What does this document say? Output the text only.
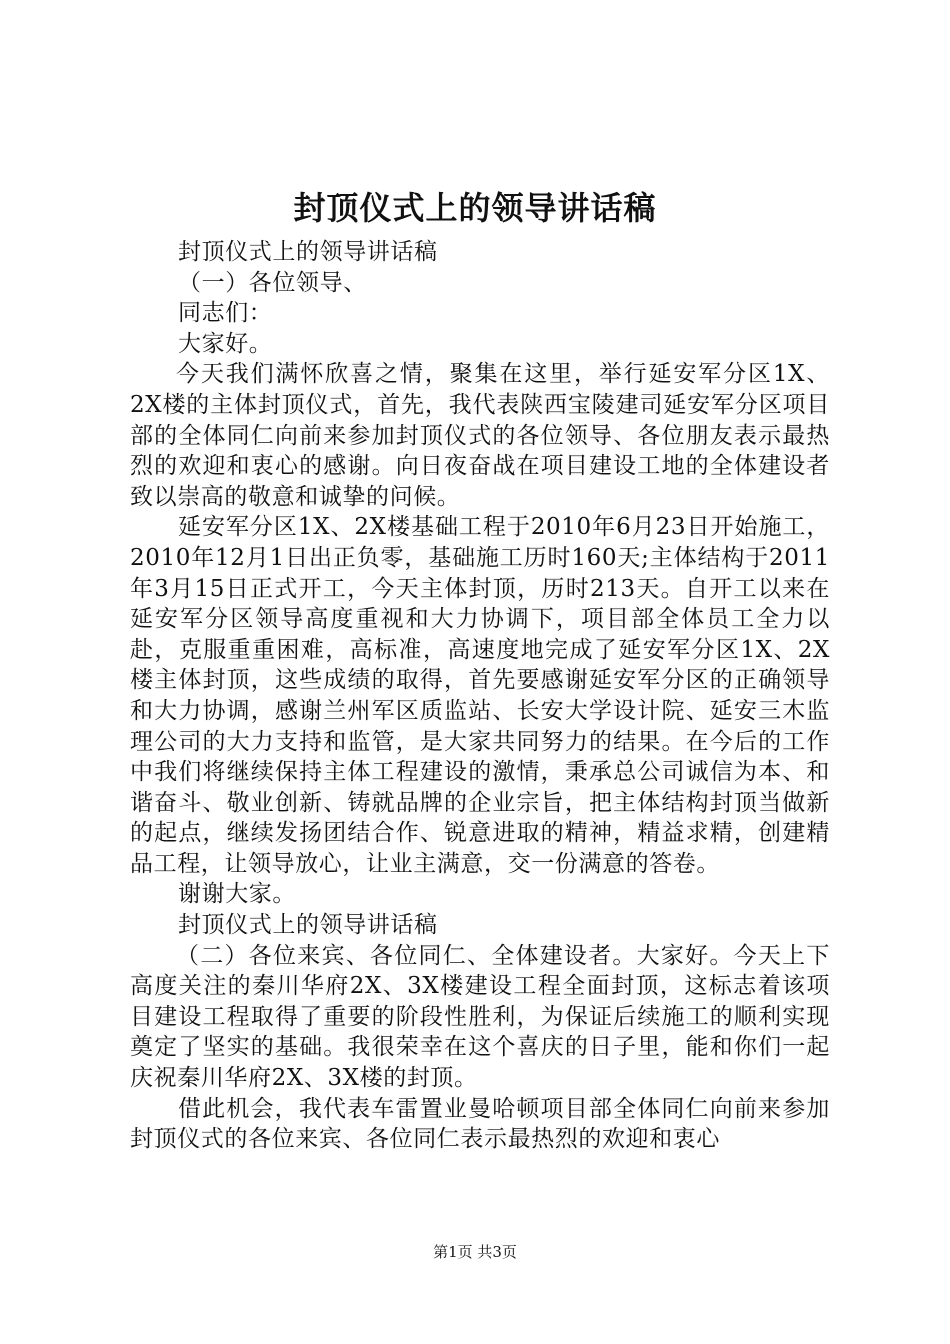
封顶仪式上的领导讲话稿

封顶仪式上的领导讲话稿

（一）各位领导、

同志们：

大家好。

今天我们满怀欣喜之情，聚集在这里，举行延安军分区1X、2X楼的主体封顶仪式，首先，我代表陕西宝陵建司延安军分区项目部的全体同仁向前来参加封顶仪式的各位领导、各位朋友表示最热烈的欢迎和衷心的感谢。向日夜奋战在项目建设工地的全体建设者致以崇高的敬意和诚挚的问候。

延安军分区1X、2X楼基础工程于2010年6月23日开始施工，2010年12月1日出正负零，基础施工历时160天;主体结构于2011年3月15日正式开工，今天主体封顶，历时213天。自开工以来在延安军分区领导高度重视和大力协调下，项目部全体员工全力以赴，克服重重困难，高标准，高速度地完成了延安军分区1X、2X楼主体封顶，这些成绩的取得，首先要感谢延安军分区的正确领导和大力协调，感谢兰州军区质监站、长安大学设计院、延安三木监理公司的大力支持和监管，是大家共同努力的结果。在今后的工作中我们将继续保持主体工程建设的激情，秉承总公司诚信为本、和谐奋斗、敬业创新、铸就品牌的企业宗旨，把主体结构封顶当做新的起点，继续发扬团结合作、锐意进取的精神，精益求精，创建精品工程，让领导放心，让业主满意，交一份满意的答卷。

谢谢大家。

封顶仪式上的领导讲话稿

（二）各位来宾、各位同仁、全体建设者。大家好。今天上下高度关注的秦川华府2X、3X楼建设工程全面封顶，这标志着该项目建设工程取得了重要的阶段性胜利，为保证后续施工的顺利实现奠定了坚实的基础。我很荣幸在这个喜庆的日子里，能和你们一起庆祝秦川华府2X、3X楼的封顶。

借此机会，我代表车雷置业曼哈顿项目部全体同仁向前来参加封顶仪式的各位来宾、各位同仁表示最热烈的欢迎和衷心

第1页 共3页
